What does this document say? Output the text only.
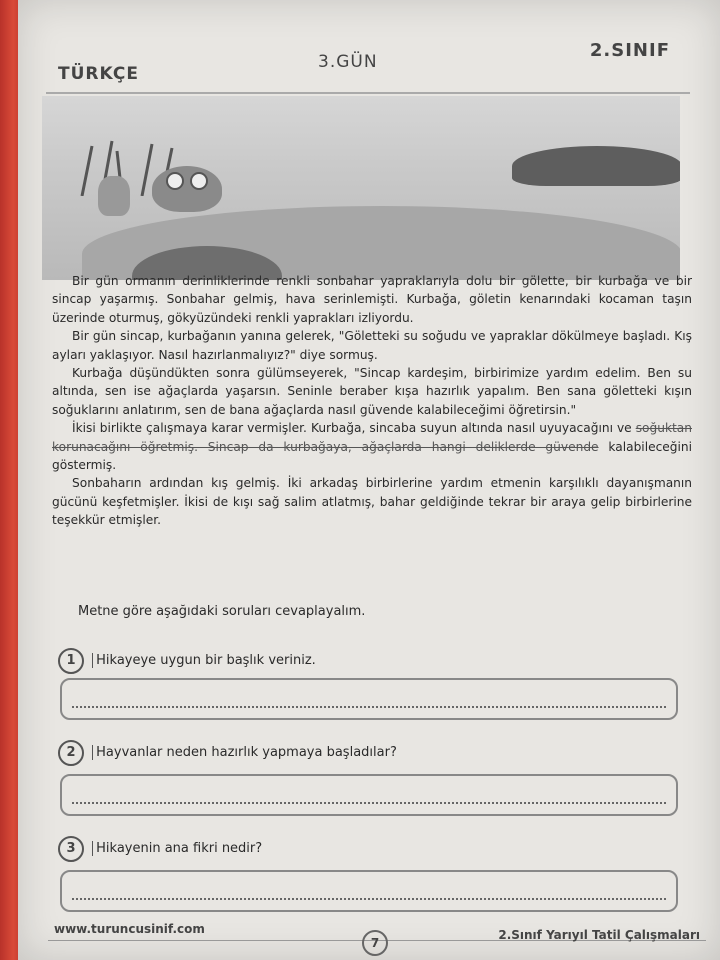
TÜRKÇE
3.GÜN
2.SINIF

Bir gün ormanın derinliklerinde renkli sonbahar yapraklarıyla dolu bir gölette, bir kurbağa ve bir sincap yaşarmış. Sonbahar gelmiş, hava serinlemişti. Kurbağa, göletin kenarındaki kocaman taşın üzerinde oturmuş, gökyüzündeki renkli yaprakları izliyordu.

Bir gün sincap, kurbağanın yanına gelerek, "Göletteki su soğudu ve yapraklar dökülmeye başladı. Kış ayları yaklaşıyor. Nasıl hazırlanmalıyız?" diye sormuş.

Kurbağa düşündükten sonra gülümseyerek, "Sincap kardeşim, birbirimize yardım edelim. Ben su altında, sen ise ağaçlarda yaşarsın. Seninle beraber kışa hazırlık yapalım. Ben sana göletteki kışın soğuklarını anlatırım, sen de bana ağaçlarda nasıl güvende kalabileceğimi öğretirsin."

İkisi birlikte çalışmaya karar vermişler. Kurbağa, sincaba suyun altında nasıl uyuyacağını ve soğuktan korunacağını öğretmiş. Sincap da kurbağaya, ağaçlarda hangi deliklerde güvende kalabileceğini göstermiş.

Sonbaharın ardından kış gelmiş. İki arkadaş birbirlerine yardım etmenin karşılıklı dayanışmanın gücünü keşfetmişler. İkisi de kışı sağ salim atlatmış, bahar geldiğinde tekrar bir araya gelip birbirlerine teşekkür etmişler.

Metne göre aşağıdaki soruları cevaplayalım.
1 Hikayeye uygun bir başlık veriniz.
2 Hayvanlar neden hazırlık yapmaya başladılar?
3 Hikayenin ana fikri nedir?
www.turuncusinif.com
7
2.Sınıf Yarıyıl Tatil Çalışmaları
